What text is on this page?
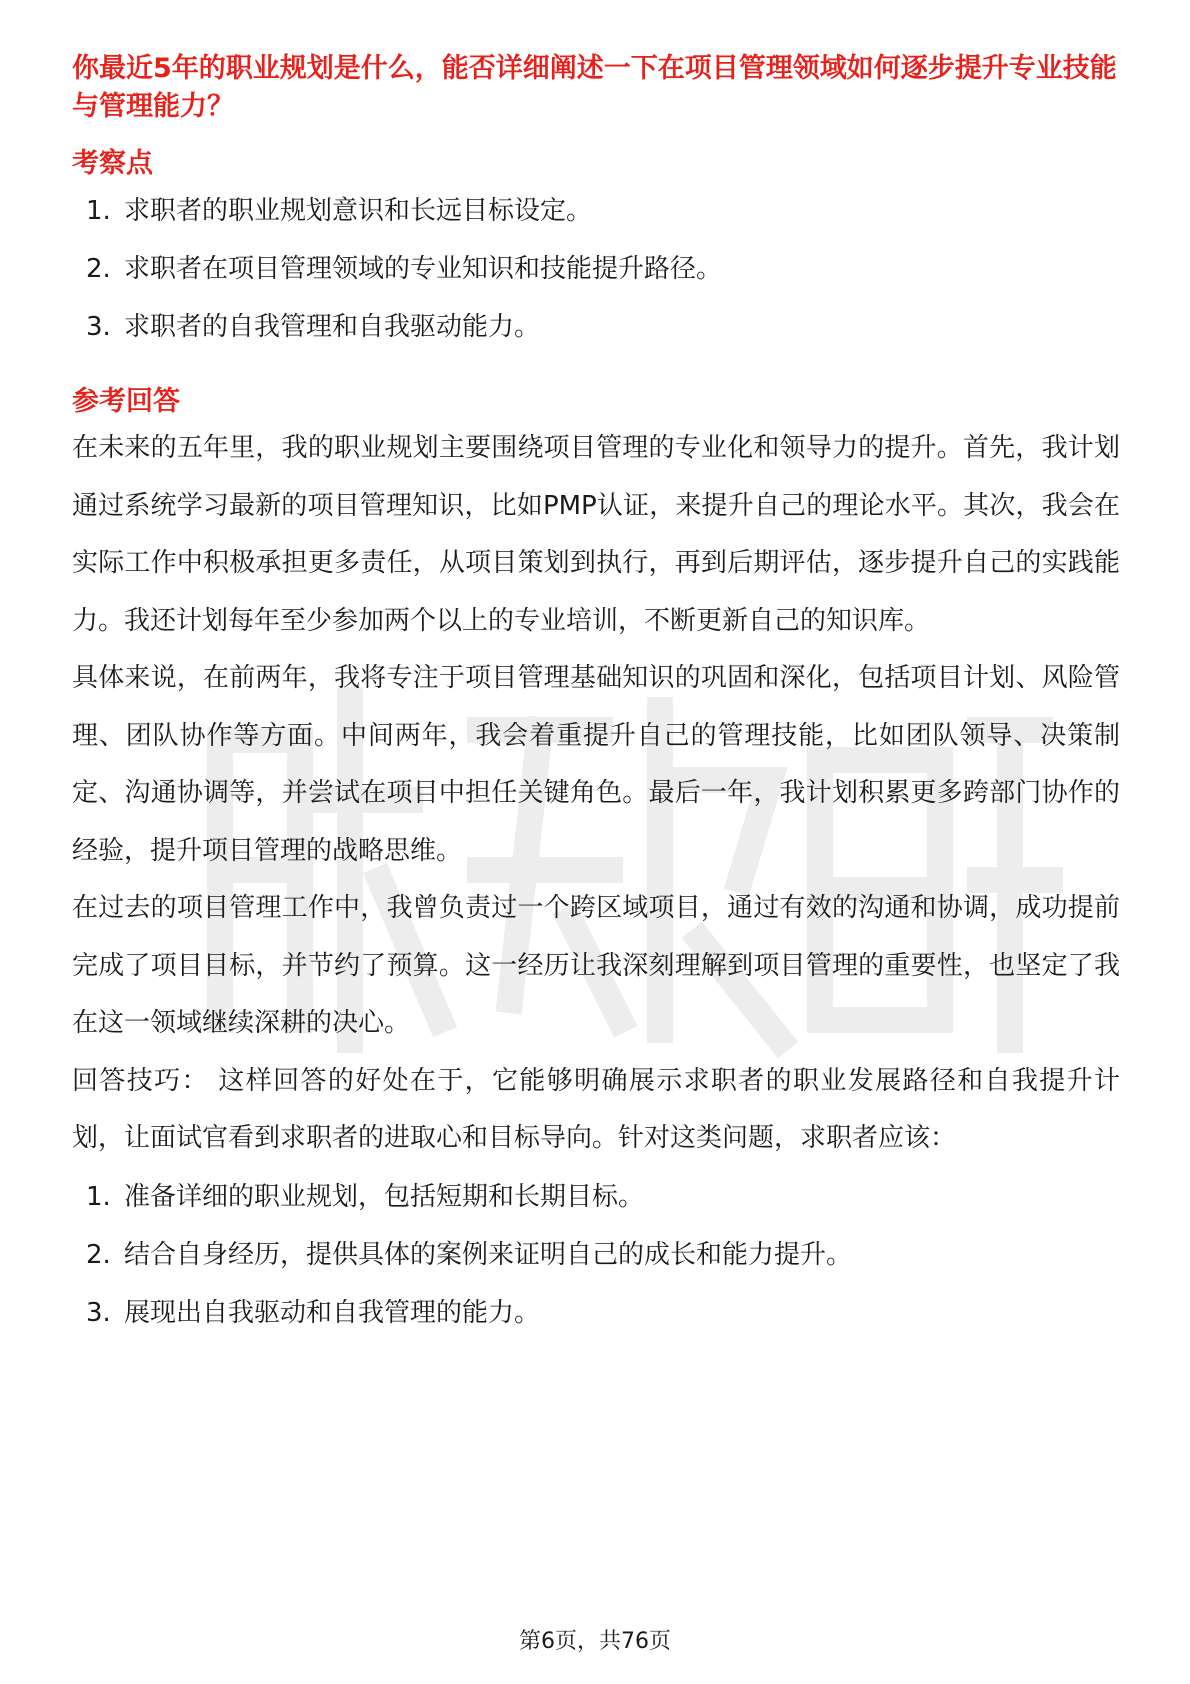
你最近5年的职业规划是什么，能否详细阐述一下在项目管理领域如何逐步提升专业技能与管理能力？
考察点
1. 求职者的职业规划意识和长远目标设定。
2. 求职者在项目管理领域的专业知识和技能提升路径。
3. 求职者的自我管理和自我驱动能力。
参考回答

在未来的五年里，我的职业规划主要围绕项目管理的专业化和领导力的提升。首先，我计划通过系统学习最新的项目管理知识，比如PMP认证，来提升自己的理论水平。其次，我会在实际工作中积极承担更多责任，从项目策划到执行，再到后期评估，逐步提升自己的实践能力。我还计划每年至少参加两个以上的专业培训，不断更新自己的知识库。

具体来说，在前两年，我将专注于项目管理基础知识的巩固和深化，包括项目计划、风险管理、团队协作等方面。中间两年，我会着重提升自己的管理技能，比如团队领导、决策制定、沟通协调等，并尝试在项目中担任关键角色。最后一年，我计划积累更多跨部门协作的经验，提升项目管理的战略思维。

在过去的项目管理工作中，我曾负责过一个跨区域项目，通过有效的沟通和协调，成功提前完成了项目目标，并节约了预算。这一经历让我深刻理解到项目管理的重要性，也坚定了我在这一领域继续深耕的决心。

回答技巧： 这样回答的好处在于，它能够明确展示求职者的职业发展路径和自我提升计划，让面试官看到求职者的进取心和目标导向。针对这类问题，求职者应该：

1. 准备详细的职业规划，包括短期和长期目标。
2. 结合自身经历，提供具体的案例来证明自己的成长和能力提升。
3. 展现出自我驱动和自我管理的能力。
第6页，共76页
